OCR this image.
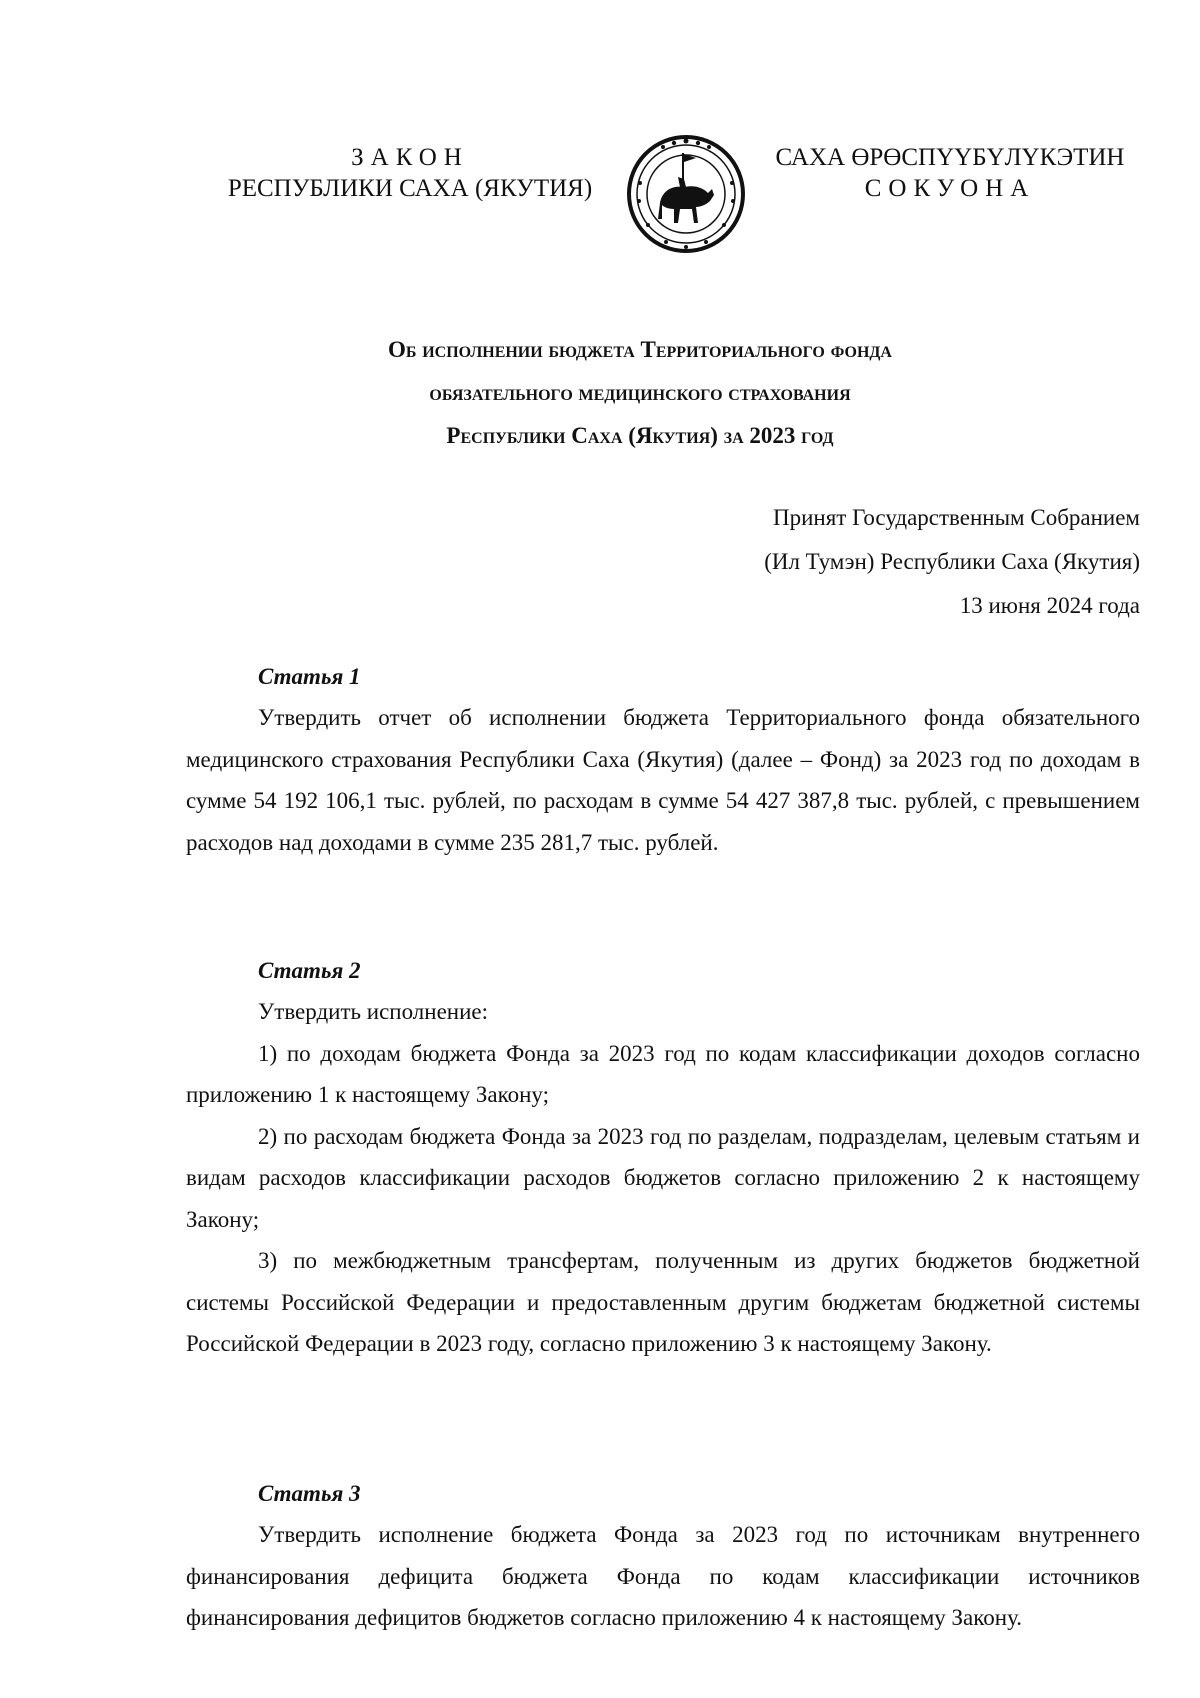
ЗАКОН
РЕСПУБЛИКИ САХА (ЯКУТИЯ)
САХА ӨРӨСПҮҮБҮЛҮКЭТИН
СОКУОНА
Об исполнении бюджета Территориального фонда
обязательного медицинского страхования
Республики Саха (Якутия) за 2023 год
Принят Государственным Собранием
(Ил Тумэн) Республики Саха (Якутия)
13 июня 2024 года
Статья 1

Утвердить отчет об исполнении бюджета Территориального фонда обязательного медицинского страхования Республики Саха (Якутия) (далее – Фонд) за 2023 год по доходам в сумме 54 192 106,1 тыс. рублей, по расходам в сумме 54 427 387,8 тыс. рублей, с превышением расходов над доходами в сумме 235 281,7 тыс. рублей.

Статья 2

Утвердить исполнение:

1) по доходам бюджета Фонда за 2023 год по кодам классификации доходов согласно приложению 1 к настоящему Закону;

2) по расходам бюджета Фонда за 2023 год по разделам, подразделам, целевым статьям и видам расходов классификации расходов бюджетов согласно приложению 2 к настоящему Закону;

3) по межбюджетным трансфертам, полученным из других бюджетов бюджетной системы Российской Федерации и предоставленным другим бюджетам бюджетной системы Российской Федерации в 2023 году, согласно приложению 3 к настоящему Закону.

Статья 3

Утвердить исполнение бюджета Фонда за 2023 год по источникам внутреннего финансирования дефицита бюджета Фонда по кодам классификации источников финансирования дефицитов бюджетов согласно приложению 4 к настоящему Закону.
